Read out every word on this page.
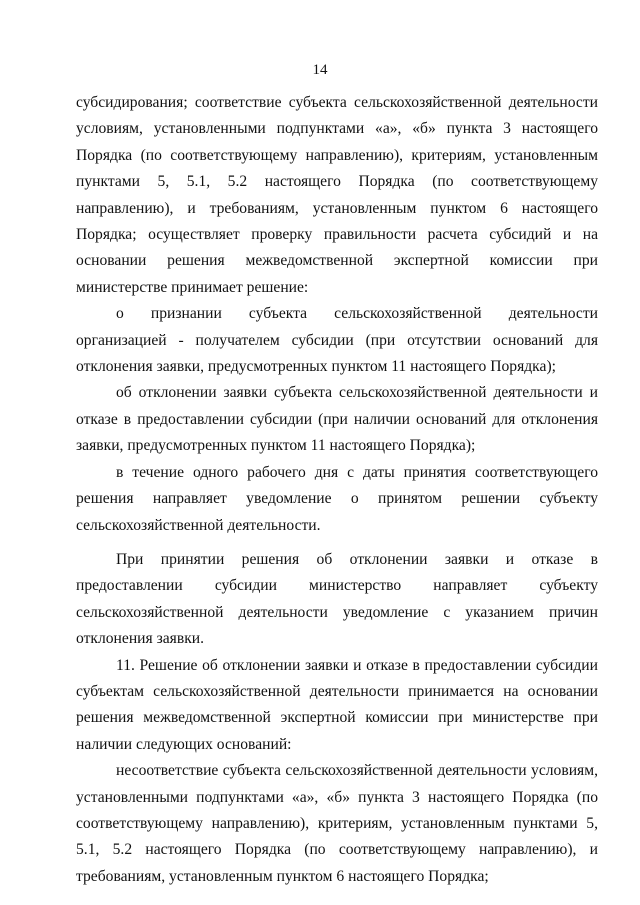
14

субсидирования; соответствие субъекта сельскохозяйственной деятельности условиям, установленными подпунктами «а», «б» пункта 3 настоящего Порядка (по соответствующему направлению), критериям, установленным пунктами 5, 5.1, 5.2 настоящего Порядка (по соответствующему направлению), и требованиям, установленным пунктом 6 настоящего Порядка; осуществляет проверку правильности расчета субсидий и на основании решения межведомственной экспертной комиссии при министерстве принимает решение:

о признании субъекта сельскохозяйственной деятельности организацией - получателем субсидии (при отсутствии оснований для отклонения заявки, предусмотренных пунктом 11 настоящего Порядка);

об отклонении заявки субъекта сельскохозяйственной деятельности и отказе в предоставлении субсидии (при наличии оснований для отклонения заявки, предусмотренных пунктом 11 настоящего Порядка);

в течение одного рабочего дня с даты принятия соответствующего решения направляет уведомление о принятом решении субъекту сельскохозяйственной деятельности.

При принятии решения об отклонении заявки и отказе в предоставлении субсидии министерство направляет субъекту сельскохозяйственной деятельности уведомление с указанием причин отклонения заявки.

11. Решение об отклонении заявки и отказе в предоставлении субсидии субъектам сельскохозяйственной деятельности принимается на основании решения межведомственной экспертной комиссии при министерстве при наличии следующих оснований:

несоответствие субъекта сельскохозяйственной деятельности условиям, установленными подпунктами «а», «б» пункта 3 настоящего Порядка (по соответствующему направлению), критериям, установленным пунктами 5, 5.1, 5.2 настоящего Порядка (по соответствующему направлению), и требованиям, установленным пунктом 6 настоящего Порядка;
